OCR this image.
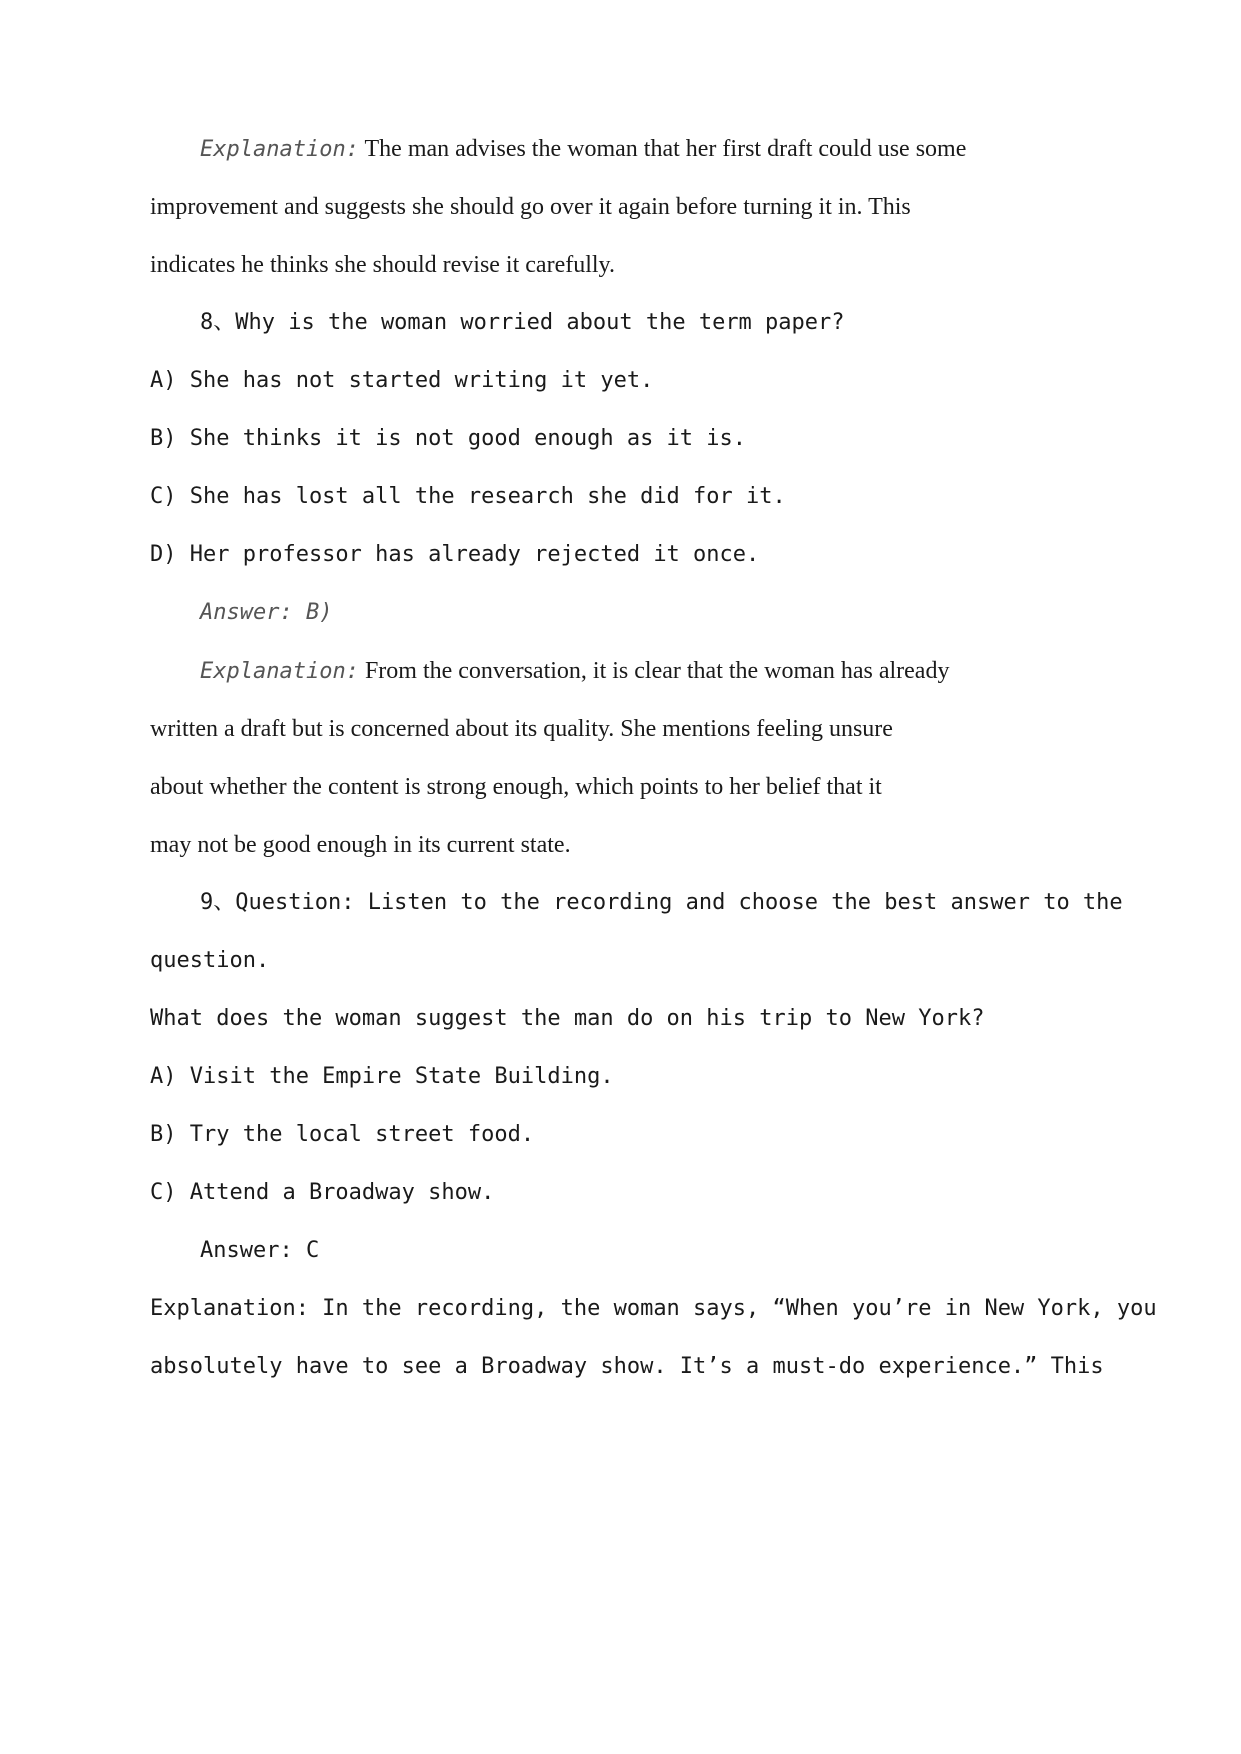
Explanation: The man advises the woman that her first draft could use some
improvement and suggests she should go over it again before turning it in. This
indicates he thinks she should revise it carefully.
8、Why is the woman worried about the term paper?
A) She has not started writing it yet.
B) She thinks it is not good enough as it is.
C) She has lost all the research she did for it.
D) Her professor has already rejected it once.
Answer: B)
Explanation: From the conversation, it is clear that the woman has already
written a draft but is concerned about its quality. She mentions feeling unsure
about whether the content is strong enough, which points to her belief that it
may not be good enough in its current state.
9、Question: Listen to the recording and choose the best answer to the
question.
What does the woman suggest the man do on his trip to New York?
A) Visit the Empire State Building.
B) Try the local street food.
C) Attend a Broadway show.
Answer: C
Explanation: In the recording, the woman says, “When you’re in New York, you
absolutely have to see a Broadway show. It’s a must-do experience.” This
